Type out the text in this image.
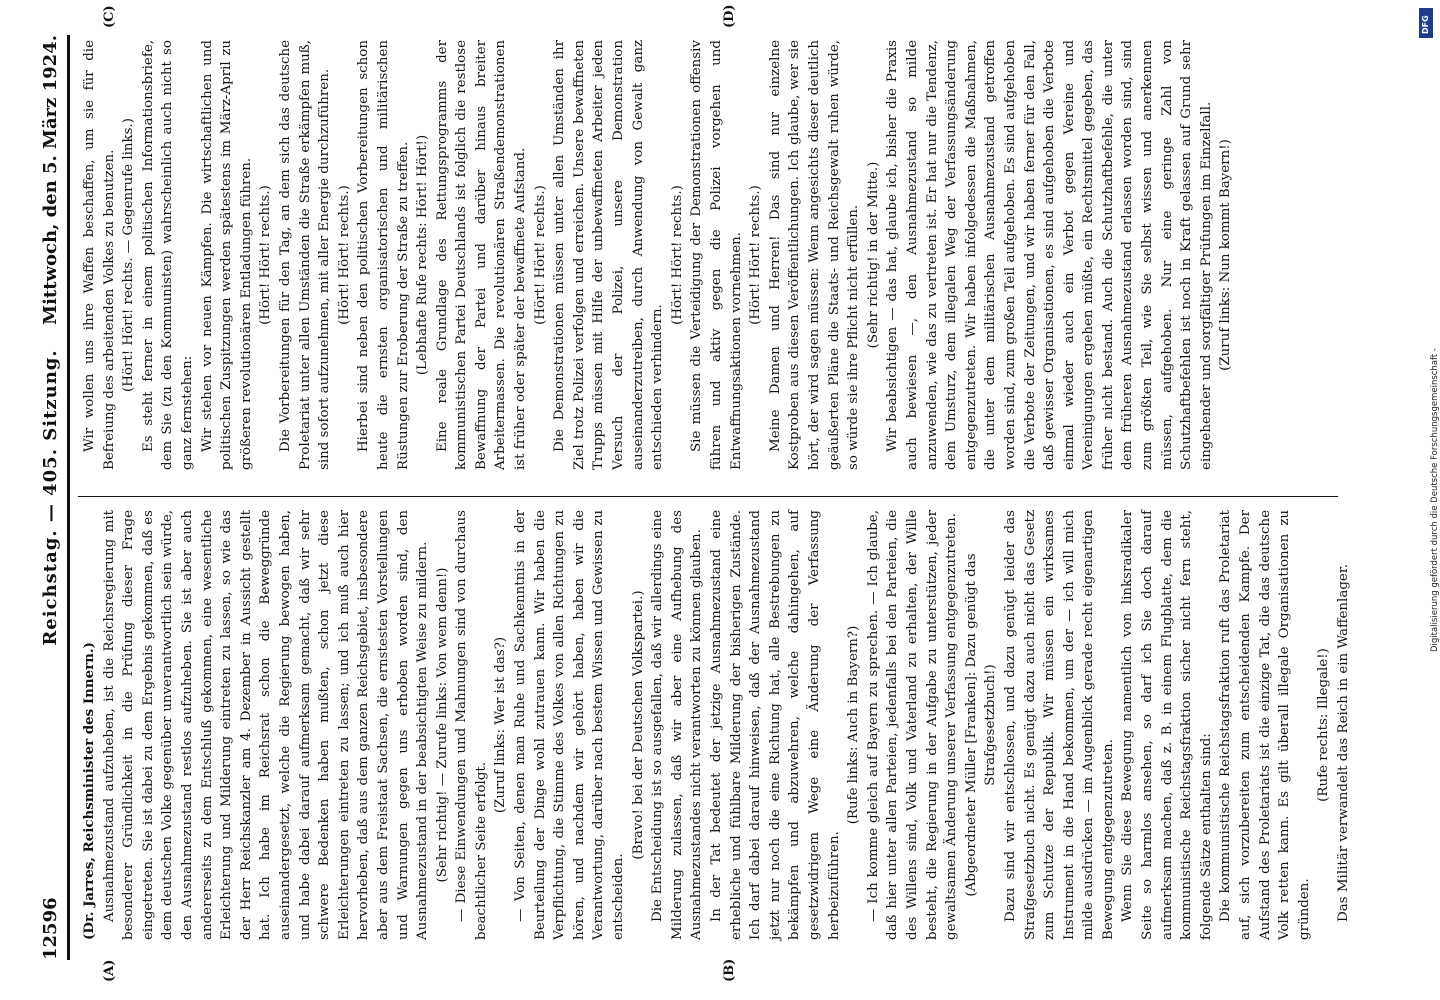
12596
Reichstag. — 405. Sitzung.
Mittwoch, den 5. März 1924.
(A)	(B)
(C)	(D)

(Dr. Jarres, Reichsminister des Innern.) Ausnahmezustand aufzuheben, ist die Reichsregierung mit besonderer Gründlichkeit in die Prüfung dieser Frage eingetreten. Sie ist dabei zu dem Ergebnis gekommen, daß es dem deutschen Volke gegenüber unverantwortlich sein würde, den Ausnahmezustand restlos aufzuheben. Sie ist aber auch andererseits zu dem Entschluß gekommen, eine wesentliche Erleichterung und Milderung eintreten zu lassen, so wie das der Herr Reichskanzler am 4. Dezember in Aussicht gestellt hat. Ich habe im Reichsrat schon die Beweggründe auseinandergesetzt, welche die Regierung bewogen haben, und habe dabei darauf aufmerksam gemacht, daß wir sehr schwere Bedenken haben mußten, schon jetzt diese Erleichterungen eintreten zu lassen; und ich muß auch hier hervorheben, daß aus dem ganzen Reichsgebiet, insbesondere aber aus dem Freistaat Sachsen, die ernstesten Vorstellungen und Warnungen gegen uns erhoben worden sind, den Ausnahmezustand in der beabsichtigten Weise zu mildern. (Sehr richtig! — Zurufe links: Von wem denn!) — Diese Einwendungen und Mahnungen sind von durchaus beachtlicher Seite erfolgt.

(Zuruf links: Wer ist das?) — Von Seiten, denen man Ruhe und Sachkenntnis in der Beurteilung der Dinge wohl zutrauen kann. Wir haben die Verpflichtung, die Stimme des Volkes von allen Richtungen zu hören, und nachdem wir gehört haben, haben wir die Verantwortung, darüber nach bestem Wissen und Gewissen zu entscheiden.

(Bravo! bei der Deutschen Volkspartei.) Die Entscheidung ist so ausgefallen, daß wir allerdings eine Milderung zulassen, daß wir aber eine Aufhebung des Ausnahmezustandes nicht verantworten zu können glauben. In der Tat bedeutet der jetzige Ausnahmezustand eine erhebliche und fühlbare Milderung der bisherigen Zustände. Ich darf dabei darauf hinweisen, daß der Ausnahmezustand jetzt nur noch die eine Richtung hat, alle Bestrebungen zu bekämpfen und abzuwehren, welche dahingehen, auf gesetzwidrigem Wege eine Änderung der Verfassung herbeizuführen.

(Rufe links: Auch in Bayern?) — Ich komme gleich auf Bayern zu sprechen. — Ich glaube, daß hier unter allen Parteien, jedenfalls bei den Parteien, die des Willens sind, Volk und Vaterland zu erhalten, der Wille besteht, die Regierung in der Aufgabe zu unterstützen, jeder gewaltsamen Änderung unserer Verfassung entgegenzutreten. (Abgeordneter Müller [Franken]: Dazu genügt das Strafgesetzbuch!) Dazu sind wir entschlossen, und dazu genügt leider das Strafgesetzbuch nicht. Es genügt dazu auch nicht das Gesetz zum Schutze der Republik. Wir müssen ein wirksames Instrument in die Hand bekommen, um der — ich will mich milde ausdrücken — im Augenblick gerade recht eigenartigen Bewegung entgegenzutreten. Wenn Sie diese Bewegung namentlich von linksradikaler Seite so harmlos ansehen, so darf ich Sie doch darauf aufmerksam machen, daß z. B. in einem Flugblatte, dem die kommunistische Reichstagsfraktion sicher nicht fern steht, folgende Sätze enthalten sind: Die kommunistische Reichstagsfraktion ruft das Proletariat auf, sich vorzubereiten zum entscheidenden Kampfe. Der Aufstand des Proletariats ist die einzige Tat, die das deutsche Volk retten kann. Es gilt überall illegale Organisationen zu gründen.

(Rufe rechts: Illegale!) Das Militär verwandelt das Reich in ein Waffenlager.

Wir wollen uns ihre Waffen beschaffen, um sie für die Befreiung des arbeitenden Volkes zu benutzen. (Hört! Hört! rechts. — Gegenrufe links.) Es steht ferner in einem politischen Informationsbriefe, dem Sie (zu den Kommunisten) wahrscheinlich auch nicht so ganz fernstehen: Wir stehen vor neuen Kämpfen. Die wirtschaftlichen und politischen Zuspitzungen werden spätestens im März-April zu größeren revolutionären Entladungen führen. (Hört! Hört! rechts.) Die Vorbereitungen für den Tag, an dem sich das deutsche Proletariat unter allen Umständen die Straße erkämpfen muß, sind sofort aufzunehmen, mit aller Energie durchzuführen. (Hört! Hört! rechts.) Hierbei sind neben den politischen Vorbereitungen schon heute die ernsten organisatorischen und militärischen Rüstungen zur Eroberung der Straße zu treffen. (Lebhafte Rufe rechts: Hört! Hört!) Eine reale Grundlage des Rettungsprogramms der kommunistischen Partei Deutschlands ist folglich die restlose Bewaffnung der Partei und darüber hinaus breiter Arbeitermassen. Die revolutionären Straßendemonstrationen ist früher oder später der bewaffnete Aufstand. (Hört! Hört! rechts.) Die Demonstrationen müssen unter allen Umständen ihr Ziel trotz Polizei verfolgen und erreichen. Unsere bewaffneten Trupps müssen mit Hilfe der unbewaffneten Arbeiter jeden Versuch der Polizei, unsere Demonstration auseinanderzutreiben, durch Anwendung von Gewalt ganz entschieden verhindern.

(Hört! Hört! rechts.) Sie müssen die Verteidigung der Demonstrationen offensiv führen und aktiv gegen die Polizei vorgehen und Entwaffnungsaktionen vornehmen. (Hört! Hört! rechts.) Meine Damen und Herren! Das sind nur einzelne Kostproben aus diesen Veröffentlichungen. Ich glaube, wer sie hört, der wird sagen müssen: Wenn angesichts dieser deutlich geäußerten Pläne die Staats- und Reichsgewalt ruhen würde, so würde sie ihre Pflicht nicht erfüllen. (Sehr richtig! in der Mitte.) Wir beabsichtigen — das hat, glaube ich, bisher die Praxis auch bewiesen —, den Ausnahmezustand so milde anzuwenden, wie das zu vertreten ist. Er hat nur die Tendenz, dem Umsturz, dem illegalen Weg der Verfassungsänderung entgegenzutreten. Wir haben infolgedessen die Maßnahmen, die unter dem militärischen Ausnahmezustand getroffen worden sind, zum großen Teil aufgehoben. Es sind aufgehoben die Verbote der Zeitungen, und wir haben ferner für den Fall, daß gewisser Organisationen, es sind aufgehoben die Verbote einmal wieder auch ein Verbot gegen Vereine und Vereinigungen ergehen müßte, ein Rechtsmittel gegeben, das früher nicht bestand. Auch die Schutzhaftbefehle, die unter dem früheren Ausnahmezustand erlassen worden sind, sind zum größten Teil, wie Sie selbst wissen und anerkennen müssen, aufgehoben. Nur eine geringe Zahl von Schutzhaftbefehlen ist noch in Kraft gelassen auf Grund sehr eingehender und sorgfältiger Prüfungen im Einzelfall. (Zuruf links: Nun kommt Bayern!)

DFG
Digitalisierung gefördert durch die Deutsche Forschungsgemeinschaft -
